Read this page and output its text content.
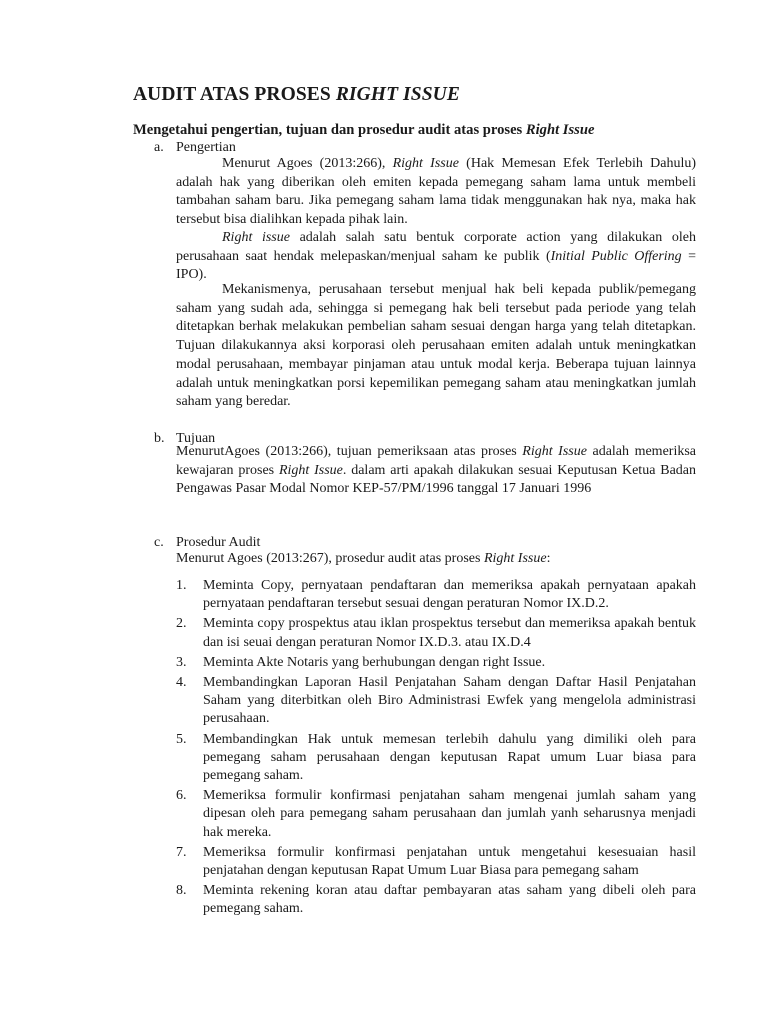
AUDIT ATAS PROSES RIGHT ISSUE
Mengetahui pengertian, tujuan dan prosedur audit atas proses Right Issue
a. Pengertian

Menurut Agoes (2013:266), Right Issue (Hak Memesan Efek Terlebih Dahulu) adalah hak yang diberikan oleh emiten kepada pemegang saham lama untuk membeli tambahan saham baru. Jika pemegang saham lama tidak menggunakan hak nya, maka hak tersebut bisa dialihkan kepada pihak lain.

Right issue adalah salah satu bentuk corporate action yang dilakukan oleh perusahaan saat hendak melepaskan/menjual saham ke publik (Initial Public Offering = IPO).

Mekanismenya, perusahaan tersebut menjual hak beli kepada publik/pemegang saham yang sudah ada, sehingga si pemegang hak beli tersebut pada periode yang telah ditetapkan berhak melakukan pembelian saham sesuai dengan harga yang telah ditetapkan. Tujuan dilakukannya aksi korporasi oleh perusahaan emiten adalah untuk meningkatkan modal perusahaan, membayar pinjaman atau untuk modal kerja. Beberapa tujuan lainnya adalah untuk meningkatkan porsi kepemilikan pemegang saham atau meningkatkan jumlah saham yang beredar.

b. Tujuan

MenurutAgoes (2013:266), tujuan pemeriksaan atas proses Right Issue adalah memeriksa kewajaran proses Right Issue. dalam arti apakah dilakukan sesuai Keputusan Ketua Badan Pengawas Pasar Modal Nomor KEP-57/PM/1996 tanggal 17 Januari 1996

c. Prosedur Audit
Menurut Agoes (2013:267), prosedur audit atas proses Right Issue:
1.	Meminta Copy, pernyataan pendaftaran dan memeriksa apakah pernyataan apakah pernyataan pendaftaran tersebut sesuai dengan peraturan Nomor IX.D.2.
2.	Meminta copy prospektus atau iklan prospektus tersebut dan memeriksa apakah bentuk dan isi seuai dengan peraturan Nomor IX.D.3. atau IX.D.4
3.	Meminta Akte Notaris yang berhubungan dengan right Issue.
4.	Membandingkan Laporan Hasil Penjatahan Saham dengan Daftar Hasil Penjatahan Saham yang diterbitkan oleh Biro Administrasi Ewfek yang mengelola administrasi perusahaan.
5.	Membandingkan Hak untuk memesan terlebih dahulu yang dimiliki oleh para pemegang saham perusahaan dengan keputusan Rapat umum Luar biasa para pemegang saham.
6.	Memeriksa formulir konfirmasi penjatahan saham mengenai jumlah saham yang dipesan oleh para pemegang saham perusahaan dan jumlah yanh seharusnya menjadi hak mereka.
7.	Memeriksa formulir konfirmasi penjatahan untuk mengetahui kesesuaian hasil penjatahan dengan keputusan Rapat Umum Luar Biasa para pemegang saham
8.	Meminta rekening koran atau daftar pembayaran atas saham yang dibeli oleh para pemegang saham.
